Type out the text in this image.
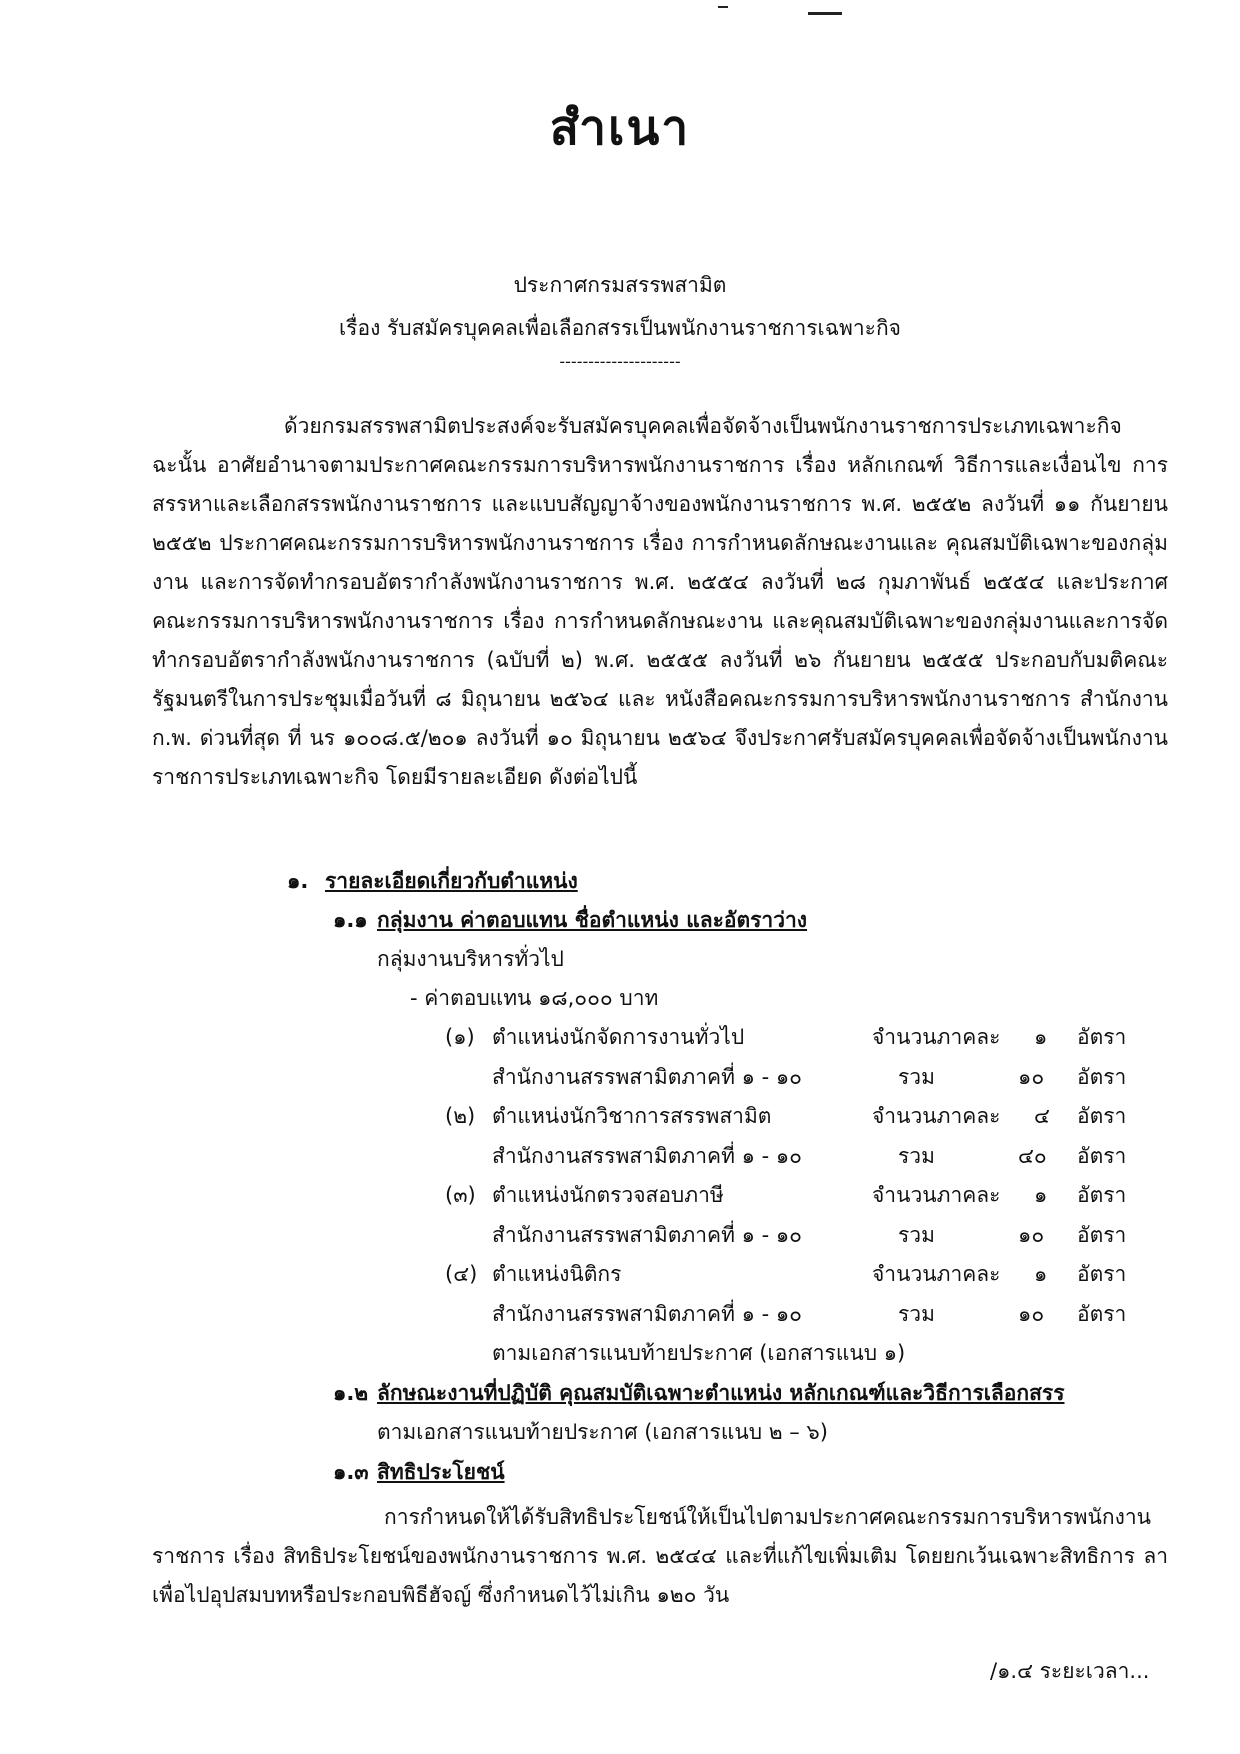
สำเนา
ประกาศกรมสรรพสามิต
เรื่อง รับสมัครบุคคลเพื่อเลือกสรรเป็นพนักงานราชการเฉพาะกิจ
---------------------
ด้วยกรมสรรพสามิตประสงค์จะรับสมัครบุคคลเพื่อจัดจ้างเป็นพนักงานราชการประเภทเฉพาะกิจ ฉะนั้น อาศัยอำนาจตามประกาศคณะกรรมการบริหารพนักงานราชการ เรื่อง หลักเกณฑ์ วิธีการและเงื่อนไข การสรรหาและเลือกสรรพนักงานราชการ และแบบสัญญาจ้างของพนักงานราชการ พ.ศ. ๒๕๕๒ ลงวันที่ ๑๑ กันยายน ๒๕๕๒ ประกาศคณะกรรมการบริหารพนักงานราชการ เรื่อง การกำหนดลักษณะงานและ คุณสมบัติเฉพาะของกลุ่มงาน และการจัดทำกรอบอัตรากำลังพนักงานราชการ พ.ศ. ๒๕๕๔ ลงวันที่ ๒๘ กุมภาพันธ์ ๒๕๕๔ และประกาศคณะกรรมการบริหารพนักงานราชการ เรื่อง การกำหนดลักษณะงาน และคุณสมบัติเฉพาะของกลุ่มงานและการจัดทำกรอบอัตรากำลังพนักงานราชการ (ฉบับที่ ๒) พ.ศ. ๒๕๕๕ ลงวันที่ ๒๖ กันยายน ๒๕๕๕ ประกอบกับมติคณะรัฐมนตรีในการประชุมเมื่อวันที่ ๘ มิถุนายน ๒๕๖๔ และ หนังสือคณะกรรมการบริหารพนักงานราชการ สำนักงาน ก.พ. ด่วนที่สุด ที่ นร ๑๐๐๘.๕/๒๐๑ ลงวันที่ ๑๐ มิถุนายน ๒๕๖๔ จึงประกาศรับสมัครบุคคลเพื่อจัดจ้างเป็นพนักงานราชการประเภทเฉพาะกิจ โดยมีรายละเอียด ดังต่อไปนี้
๑. รายละเอียดเกี่ยวกับตำแหน่ง
๑.๑ กลุ่มงาน ค่าตอบแทน ชื่อตำแหน่ง และอัตราว่าง
กลุ่มงานบริหารทั่วไป
- ค่าตอบแทน ๑๘,๐๐๐ บาท
(๑) ตำแหน่งนักจัดการงานทั่วไป	จำนวนภาคละ ๑ อัตรา
สำนักงานสรรพสามิตภาคที่ ๑ - ๑๐	รวม	๑๐ อัตรา
(๒) ตำแหน่งนักวิชาการสรรพสามิต	จำนวนภาคละ ๔ อัตรา
สำนักงานสรรพสามิตภาคที่ ๑ - ๑๐	รวม	๔๐ อัตรา
(๓) ตำแหน่งนักตรวจสอบภาษี	จำนวนภาคละ ๑ อัตรา
สำนักงานสรรพสามิตภาคที่ ๑ - ๑๐	รวม	๑๐ อัตรา
(๔) ตำแหน่งนิติกร	จำนวนภาคละ ๑ อัตรา
สำนักงานสรรพสามิตภาคที่ ๑ - ๑๐	รวม	๑๐ อัตรา
ตามเอกสารแนบท้ายประกาศ (เอกสารแนบ ๑)
๑.๒ ลักษณะงานที่ปฏิบัติ คุณสมบัติเฉพาะตำแหน่ง หลักเกณฑ์และวิธีการเลือกสรร
ตามเอกสารแนบท้ายประกาศ (เอกสารแนบ ๒ – ๖)
๑.๓ สิทธิประโยชน์
การกำหนดให้ได้รับสิทธิประโยชน์ให้เป็นไปตามประกาศคณะกรรมการบริหารพนักงาน ราชการ เรื่อง สิทธิประโยชน์ของพนักงานราชการ พ.ศ. ๒๕๔๔ และที่แก้ไขเพิ่มเติม โดยยกเว้นเฉพาะสิทธิการ ลาเพื่อไปอุปสมบทหรือประกอบพิธีฮัจญ์ ซึ่งกำหนดไว้ไม่เกิน ๑๒๐ วัน
/๑.๔ ระยะเวลา...
